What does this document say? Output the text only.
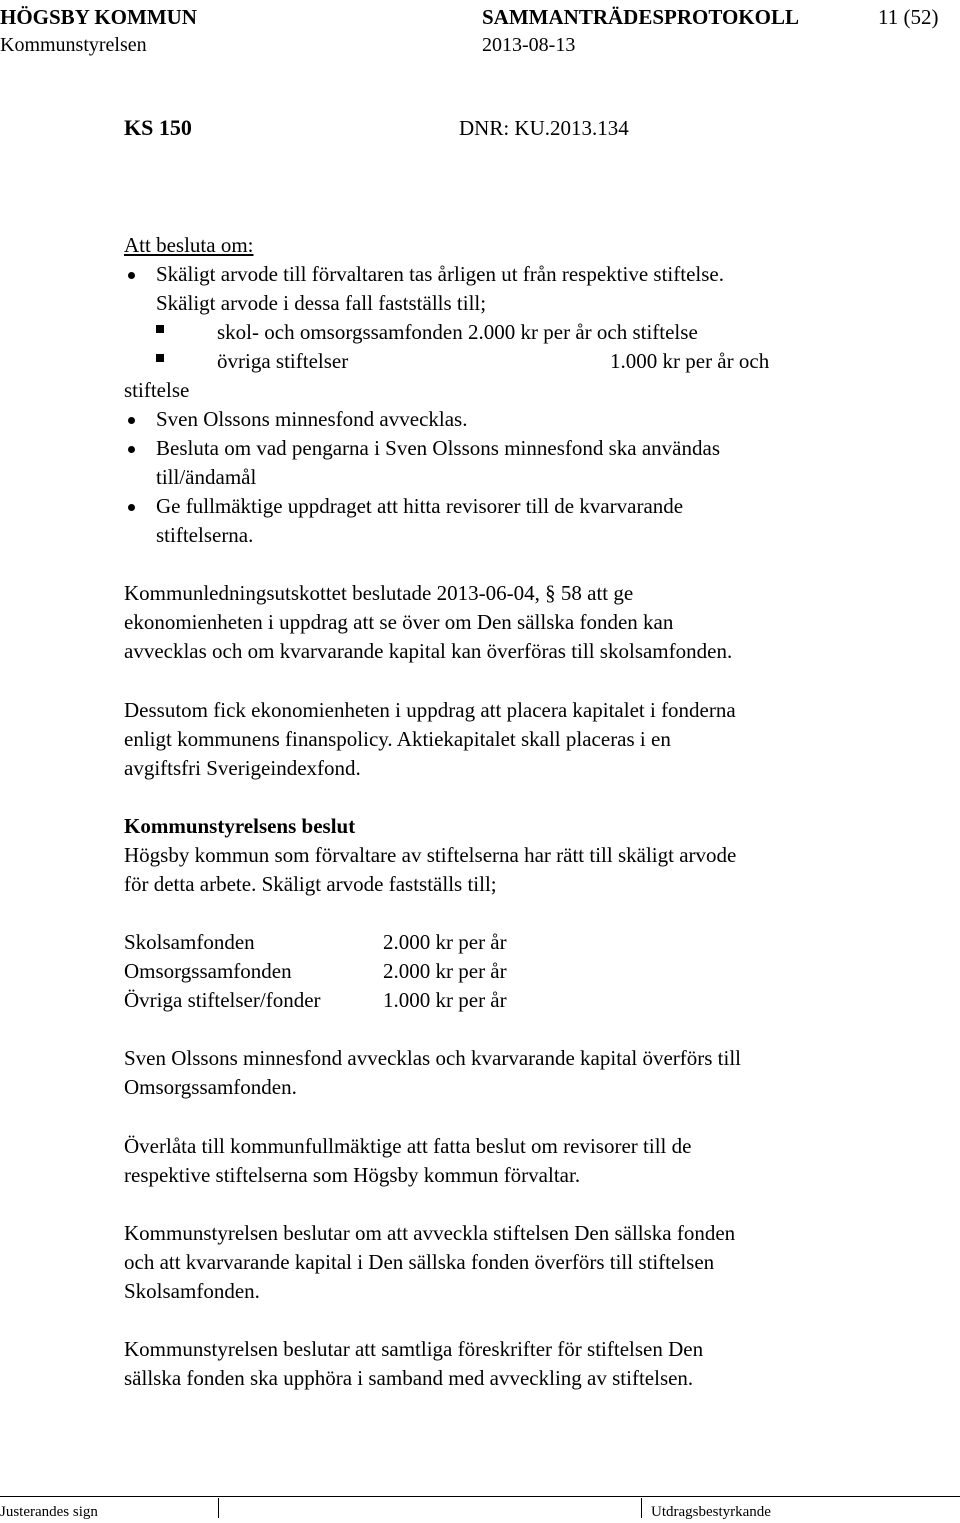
HÖGSBY KOMMUN	SAMMANTRÄDESPROTOKOLL	11 (52)
Kommunstyrelsen	2013-08-13
KS 150	DNR: KU.2013.134
Att besluta om:
Skäligt arvode till förvaltaren tas årligen ut från respektive stiftelse.
Skäligt arvode i dessa fall fastställs till;
skol- och omsorgssamfonden 2.000 kr per år och stiftelse
övriga stiftelser	1.000 kr per år och
stiftelse
Sven Olssons minnesfond avvecklas.
Besluta om vad pengarna i Sven Olssons minnesfond ska användas
till/ändamål
Ge fullmäktige uppdraget att hitta revisorer till de kvarvarande
stiftelserna.
Kommunledningsutskottet beslutade 2013-06-04, § 58 att ge
ekonomienheten i uppdrag att se över om Den sällska fonden kan
avvecklas och om kvarvarande kapital kan överföras till skolsamfonden.
Dessutom fick ekonomienheten i uppdrag att placera kapitalet i fonderna
enligt kommunens finanspolicy. Aktiekapitalet skall placeras i en
avgiftsfri Sverigeindexfond.
Kommunstyrelsens beslut
Högsby kommun som förvaltare av stiftelserna har rätt till skäligt arvode
för detta arbete. Skäligt arvode fastställs till;
Skolsamfonden	2.000 kr per år
Omsorgssamfonden	2.000 kr per år
Övriga stiftelser/fonder	1.000 kr per år
Sven Olssons minnesfond avvecklas och kvarvarande kapital överförs till
Omsorgssamfonden.
Överlåta till kommunfullmäktige att fatta beslut om revisorer till de
respektive stiftelserna som Högsby kommun förvaltar.
Kommunstyrelsen beslutar om att avveckla stiftelsen Den sällska fonden
och att kvarvarande kapital i Den sällska fonden överförs till stiftelsen
Skolsamfonden.
Kommunstyrelsen beslutar att samtliga föreskrifter för stiftelsen Den
sällska fonden ska upphöra i samband med avveckling av stiftelsen.
Justerandes sign	Utdragsbestyrkande
